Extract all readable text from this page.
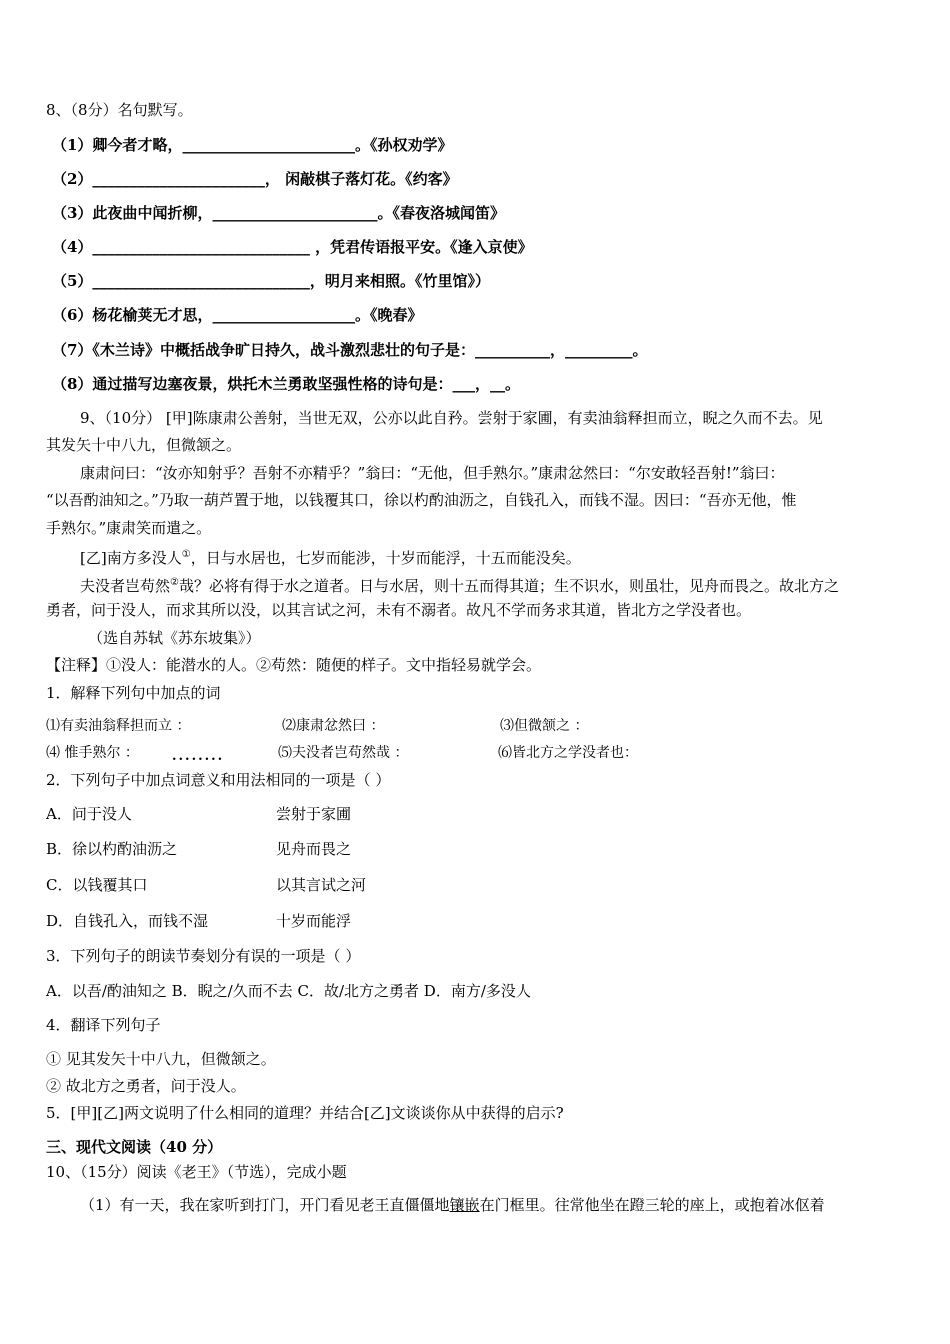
8、（8分）名句默写。
（1）卿今者才略，_______________________。《孙权劝学》
（2）_______________________， 闲敲棋子落灯花。《约客》
（3）此夜曲中闻折柳，______________________。《春夜洛城闻笛》
（4）_____________________________ ，凭君传语报平安。《逢入京使》
（5）_____________________________，明月来相照。《竹里馆》）
（6）杨花榆荚无才思，___________________。《晚春》
（7）《木兰诗》中概括战争旷日持久，战斗激烈悲壮的句子是：__________，_________。
（8）通过描写边塞夜景，烘托木兰勇敢坚强性格的诗句是：___，__。
9、（10分） [甲]陈康肃公善射，当世无双，公亦以此自矜。尝射于家圃，有卖油翁释担而立，睨之久而不去。见
其发矢十中八九，但微颔之。
康肃问曰：“汝亦知射乎？吾射不亦精乎？”翁曰：“无他，但手熟尔。”康肃忿然曰：“尔安敢轻吾射!”翁曰：
“以吾酌油知之。”乃取一葫芦置于地，以钱覆其口，徐以杓酌油沥之，自钱孔入，而钱不湿。因曰：“吾亦无他，惟
手熟尔。”康肃笑而遣之。
[乙]南方多没人①，日与水居也，七岁而能涉，十岁而能浮，十五而能没矣。
夫没者岂苟然②哉？必将有得于水之道者。日与水居，则十五而得其道；生不识水，则虽壮，见舟而畏之。故北方之
勇者，问于没人，而求其所以没，以其言试之河，未有不溺者。故凡不学而务求其道，皆北方之学没者也。
（选自苏轼《苏东坡集》）
【注释】①没人：能潜水的人。②苟然：随便的样子。文中指轻易就学会。
1．解释下列句中加点的词
⑴有卖油翁释担而立 ：	⑵康肃忿然曰 ：	⑶但微颔之 ：
⑷ 惟手熟尔 ：	........	⑸夫没者岂苟然哉 ：	⑹皆北方之学没者也：
2．下列句子中加点词意义和用法相同的一项是（ ）
A．问于没人	尝射于家圃
B．徐以杓酌油沥之	见舟而畏之
C．以钱覆其口	以其言试之河
D．自钱孔入，而钱不湿	十岁而能浮
3．下列句子的朗读节奏划分有误的一项是（ ）
A．以吾/酌油知之 B．睨之/久而不去 C．故/北方之勇者 D．南方/多没人
4．翻译下列句子
① 见其发矢十中八九，但微颔之。
② 故北方之勇者，问于没人。
5．[甲][乙]两文说明了什么相同的道理？并结合[乙]文谈谈你从中获得的启示?
三、现代文阅读（40 分）
10、（15分）阅读《老王》（节选），完成小题
（1）有一天，我在家听到打门，开门看见老王直僵僵地镶嵌在门框里。往常他坐在蹬三轮的座上，或抱着冰伛着
